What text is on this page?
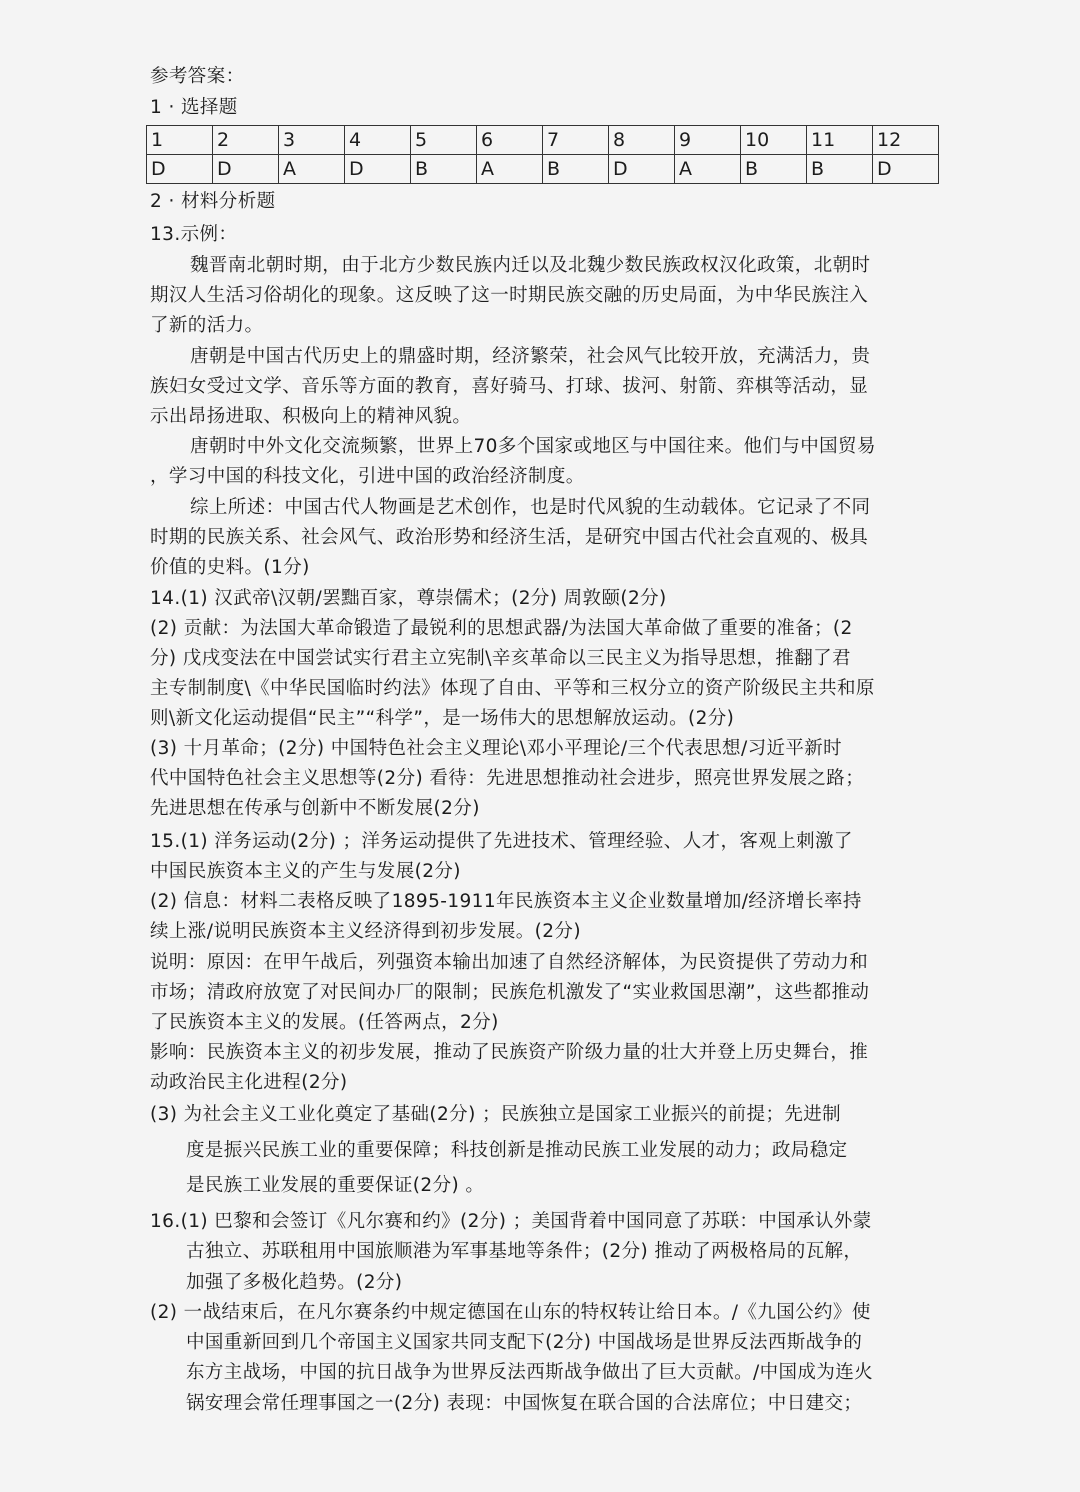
参考答案：
1 · 选择题
1	2	3	4	5	6	7	8	9	10	11	12
D	D	A	D	B	A	B	D	A	B	B	D
2 · 材料分析题
13.示例：
魏晋南北朝时期，由于北方少数民族内迁以及北魏少数民族政权汉化政策，北朝时
期汉人生活习俗胡化的现象。这反映了这一时期民族交融的历史局面，为中华民族注入
了新的活力。
唐朝是中国古代历史上的鼎盛时期，经济繁荣，社会风气比较开放，充满活力，贵
族妇女受过文学、音乐等方面的教育，喜好骑马、打球、拔河、射箭、弈棋等活动，显
示出昂扬进取、积极向上的精神风貌。
唐朝时中外文化交流频繁，世界上70多个国家或地区与中国往来。他们与中国贸易
，学习中国的科技文化，引进中国的政治经济制度。
综上所述：中国古代人物画是艺术创作，也是时代风貌的生动载体。它记录了不同
时期的民族关系、社会风气、政治形势和经济生活，是研究中国古代社会直观的、极具
价值的史料。(1分)
14.(1) 汉武帝\汉朝/罢黜百家，尊崇儒术；(2分) 周敦颐(2分)
(2) 贡献：为法国大革命锻造了最锐利的思想武器/为法国大革命做了重要的准备；(2
分) 戊戌变法在中国尝试实行君主立宪制\辛亥革命以三民主义为指导思想，推翻了君
主专制制度\《中华民国临时约法》体现了自由、平等和三权分立的资产阶级民主共和原
则\新文化运动提倡“民主”“科学”，是一场伟大的思想解放运动。(2分)
(3) 十月革命；(2分) 中国特色社会主义理论\邓小平理论/三个代表思想/习近平新时
代中国特色社会主义思想等(2分) 看待：先进思想推动社会进步，照亮世界发展之路；
先进思想在传承与创新中不断发展(2分)
15.(1) 洋务运动(2分) ；洋务运动提供了先进技术、管理经验、人才，客观上刺激了
中国民族资本主义的产生与发展(2分)
(2) 信息：材料二表格反映了1895-1911年民族资本主义企业数量增加/经济增长率持
续上涨/说明民族资本主义经济得到初步发展。(2分)
说明：原因：在甲午战后，列强资本输出加速了自然经济解体，为民资提供了劳动力和
市场；清政府放宽了对民间办厂的限制；民族危机激发了“实业救国思潮”，这些都推动
了民族资本主义的发展。(任答两点，2分)
影响：民族资本主义的初步发展，推动了民族资产阶级力量的壮大并登上历史舞台，推
动政治民主化进程(2分)
(3) 为社会主义工业化奠定了基础(2分) ；民族独立是国家工业振兴的前提；先进制
度是振兴民族工业的重要保障；科技创新是推动民族工业发展的动力；政局稳定
是民族工业发展的重要保证(2分) 。
16.(1) 巴黎和会签订《凡尔赛和约》(2分) ；美国背着中国同意了苏联：中国承认外蒙
古独立、苏联租用中国旅顺港为军事基地等条件；(2分) 推动了两极格局的瓦解，
加强了多极化趋势。(2分)
(2) 一战结束后，在凡尔赛条约中规定德国在山东的特权转让给日本。/《九国公约》使
中国重新回到几个帝国主义国家共同支配下(2分) 中国战场是世界反法西斯战争的
东方主战场，中国的抗日战争为世界反法西斯战争做出了巨大贡献。/中国成为连火
锅安理会常任理事国之一(2分) 表现：中国恢复在联合国的合法席位；中日建交；
